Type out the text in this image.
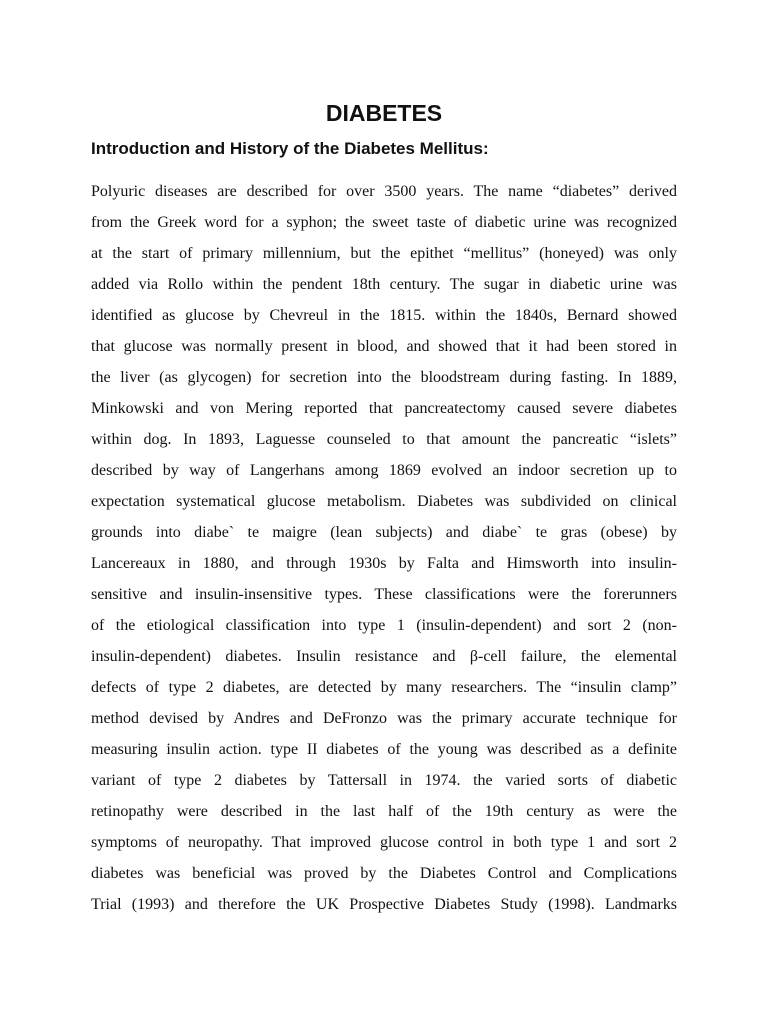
DIABETES
Introduction and History of the Diabetes Mellitus:
Polyuric diseases are described for over 3500 years. The name “diabetes” derived
from the Greek word for a syphon; the sweet taste of diabetic urine was recognized
at the start of primary millennium, but the epithet “mellitus” (honeyed) was only
added via Rollo within the pendent 18th century. The sugar in diabetic urine was
identified as glucose by Chevreul in the 1815. within the 1840s, Bernard showed
that glucose was normally present in blood, and showed that it had been stored in
the liver (as glycogen) for secretion into the bloodstream during fasting. In 1889,
Minkowski and von Mering reported that pancreatectomy caused severe diabetes
within dog. In 1893, Laguesse counseled to that amount the pancreatic “islets”
described by way of Langerhans among 1869 evolved an indoor secretion up to
expectation systematical glucose metabolism. Diabetes was subdivided on clinical
grounds into diabe` te maigre (lean subjects) and diabe` te gras (obese) by
Lancereaux in 1880, and through 1930s by Falta and Himsworth into insulin-
sensitive and insulin-insensitive types. These classifications were the forerunners
of the etiological classification into type 1 (insulin-dependent) and sort 2 (non-
insulin-dependent) diabetes. Insulin resistance and β-cell failure, the elemental
defects of type 2 diabetes, are detected by many researchers. The “insulin clamp”
method devised by Andres and DeFronzo was the primary accurate technique for
measuring insulin action. type II diabetes of the young was described as a definite
variant of type 2 diabetes by Tattersall in 1974. the varied sorts of diabetic
retinopathy were described in the last half of the 19th century as were the
symptoms of neuropathy. That improved glucose control in both type 1 and sort 2
diabetes was beneficial was proved by the Diabetes Control and Complications
Trial (1993) and therefore the UK Prospective Diabetes Study (1998). Landmarks
